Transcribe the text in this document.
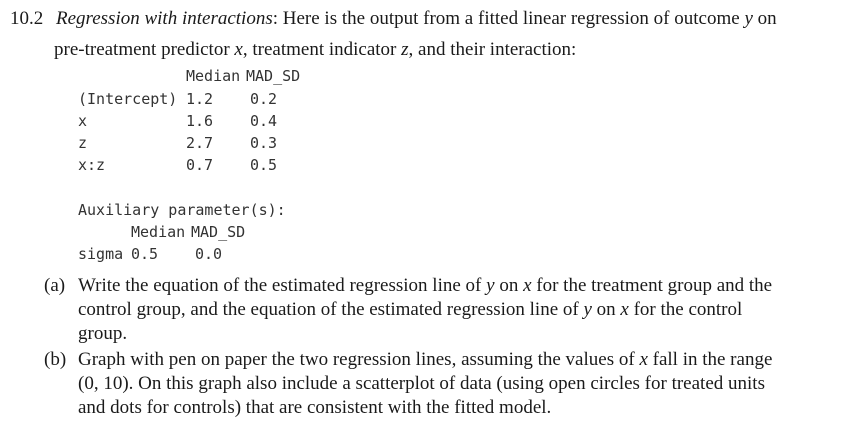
10.2 Regression with interactions: Here is the output from a fitted linear regression of outcome y on
pre-treatment predictor x, treatment indicator z, and their interaction:
Median MAD_SD
(Intercept) 1.2 0.2
x	1.6 0.4
z	2.7 0.3
x:z	0.7 0.5
Auxiliary parameter(s):
Median MAD_SD
sigma 0.5 0.0
(a) Write the equation of the estimated regression line of y on x for the treatment group and the
control group, and the equation of the estimated regression line of y on x for the control
group.
(b) Graph with pen on paper the two regression lines, assuming the values of x fall in the range
(0, 10). On this graph also include a scatterplot of data (using open circles for treated units
and dots for controls) that are consistent with the fitted model.
